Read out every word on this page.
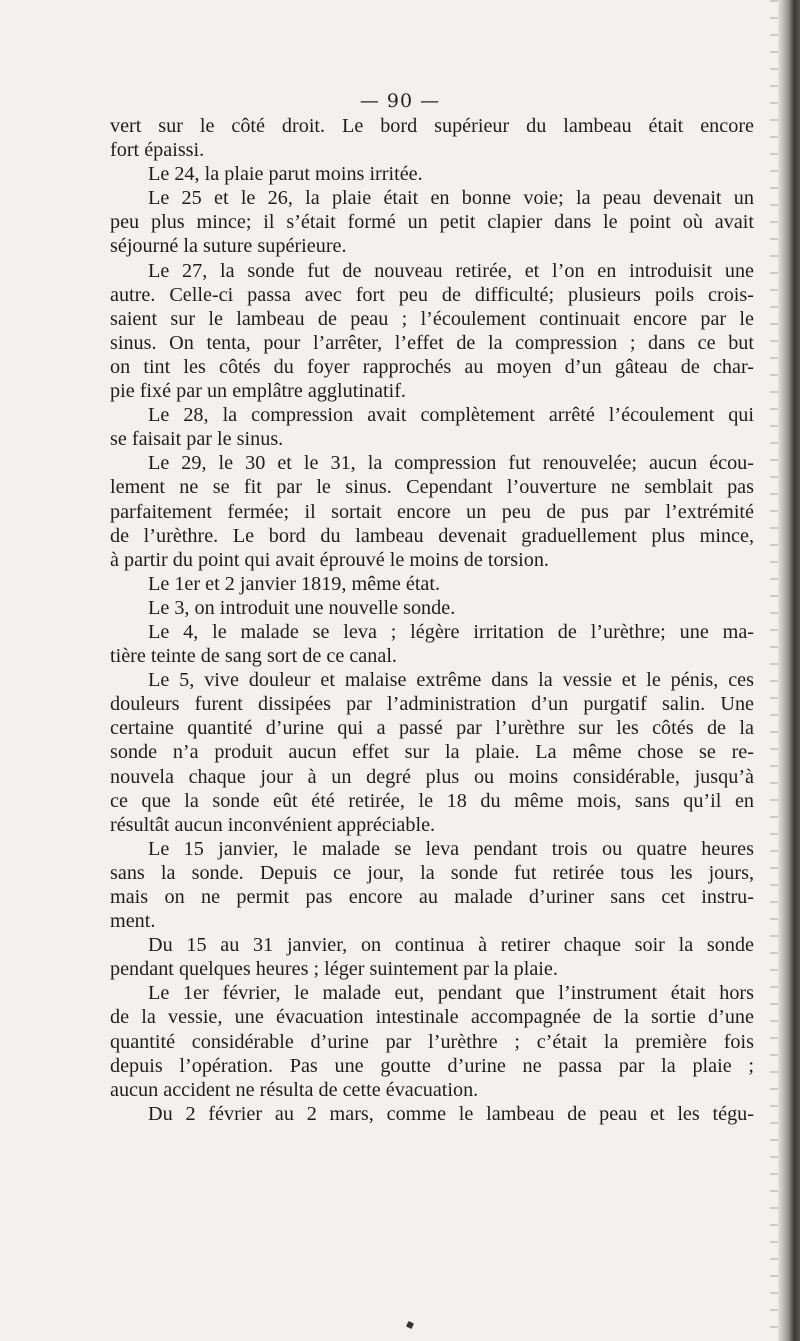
— 90 —
vert sur le côté droit. Le bord supérieur du lambeau était encore
fort épaissi.
Le 24, la plaie parut moins irritée.
Le 25 et le 26, la plaie était en bonne voie; la peau devenait un
peu plus mince; il s’était formé un petit clapier dans le point où avait
séjourné la suture supérieure.
Le 27, la sonde fut de nouveau retirée, et l’on en introduisit une
autre. Celle-ci passa avec fort peu de difficulté; plusieurs poils crois-
saient sur le lambeau de peau ; l’écoulement continuait encore par le
sinus. On tenta, pour l’arrêter, l’effet de la compression ; dans ce but
on tint les côtés du foyer rapprochés au moyen d’un gâteau de char-
pie fixé par un emplâtre agglutinatif.
Le 28, la compression avait complètement arrêté l’écoulement qui
se faisait par le sinus.
Le 29, le 30 et le 31, la compression fut renouvelée; aucun écou-
lement ne se fit par le sinus. Cependant l’ouverture ne semblait pas
parfaitement fermée; il sortait encore un peu de pus par l’extrémité
de l’urèthre. Le bord du lambeau devenait graduellement plus mince,
à partir du point qui avait éprouvé le moins de torsion.
Le 1er et 2 janvier 1819, même état.
Le 3, on introduit une nouvelle sonde.
Le 4, le malade se leva ; légère irritation de l’urèthre; une ma-
tière teinte de sang sort de ce canal.
Le 5, vive douleur et malaise extrême dans la vessie et le pénis, ces
douleurs furent dissipées par l’administration d’un purgatif salin. Une
certaine quantité d’urine qui a passé par l’urèthre sur les côtés de la
sonde n’a produit aucun effet sur la plaie. La même chose se re-
nouvela chaque jour à un degré plus ou moins considérable, jusqu’à
ce que la sonde eût été retirée, le 18 du même mois, sans qu’il en
résultât aucun inconvénient appréciable.
Le 15 janvier, le malade se leva pendant trois ou quatre heures
sans la sonde. Depuis ce jour, la sonde fut retirée tous les jours,
mais on ne permit pas encore au malade d’uriner sans cet instru-
ment.
Du 15 au 31 janvier, on continua à retirer chaque soir la sonde
pendant quelques heures ; léger suintement par la plaie.
Le 1er février, le malade eut, pendant que l’instrument était hors
de la vessie, une évacuation intestinale accompagnée de la sortie d’une
quantité considérable d’urine par l’urèthre ; c’était la première fois
depuis l’opération. Pas une goutte d’urine ne passa par la plaie ;
aucun accident ne résulta de cette évacuation.
Du 2 février au 2 mars, comme le lambeau de peau et les tégu-
